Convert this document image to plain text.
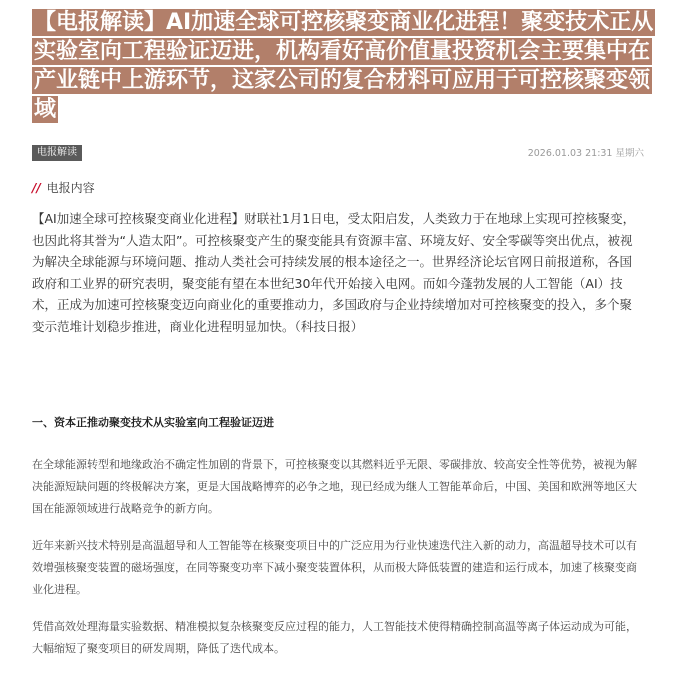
【电报解读】AI加速全球可控核聚变商业化进程！聚变技术正从实验室向工程验证迈进，机构看好高价值量投资机会主要集中在产业链中上游环节，这家公司的复合材料可应用于可控核聚变领域
电报解读	2026.01.03 21:31 星期六
// 电报内容
【AI加速全球可控核聚变商业化进程】财联社1月1日电，受太阳启发，人类致力于在地球上实现可控核聚变，也因此将其誉为“人造太阳”。可控核聚变产生的聚变能具有资源丰富、环境友好、安全零碳等突出优点，被视为解决全球能源与环境问题、推动人类社会可持续发展的根本途径之一。世界经济论坛官网日前报道称，各国政府和工业界的研究表明，聚变能有望在本世纪30年代开始接入电网。而如今蓬勃发展的人工智能（AI）技术，正成为加速可控核聚变迈向商业化的重要推动力，多国政府与企业持续增加对可控核聚变的投入，多个聚变示范堆计划稳步推进，商业化进程明显加快。（科技日报）
一、资本正推动聚变技术从实验室向工程验证迈进
在全球能源转型和地缘政治不确定性加剧的背景下，可控核聚变以其燃料近乎无限、零碳排放、较高安全性等优势，被视为解决能源短缺问题的终极解决方案，更是大国战略博弈的必争之地，现已经成为继人工智能革命后，中国、美国和欧洲等地区大国在能源领域进行战略竞争的新方向。
近年来新兴技术特别是高温超导和人工智能等在核聚变项目中的广泛应用为行业快速迭代注入新的动力，高温超导技术可以有效增强核聚变装置的磁场强度，在同等聚变功率下减小聚变装置体积，从而极大降低装置的建造和运行成本，加速了核聚变商业化进程。
凭借高效处理海量实验数据、精准模拟复杂核聚变反应过程的能力，人工智能技术使得精确控制高温等离子体运动成为可能，大幅缩短了聚变项目的研发周期，降低了迭代成本。
